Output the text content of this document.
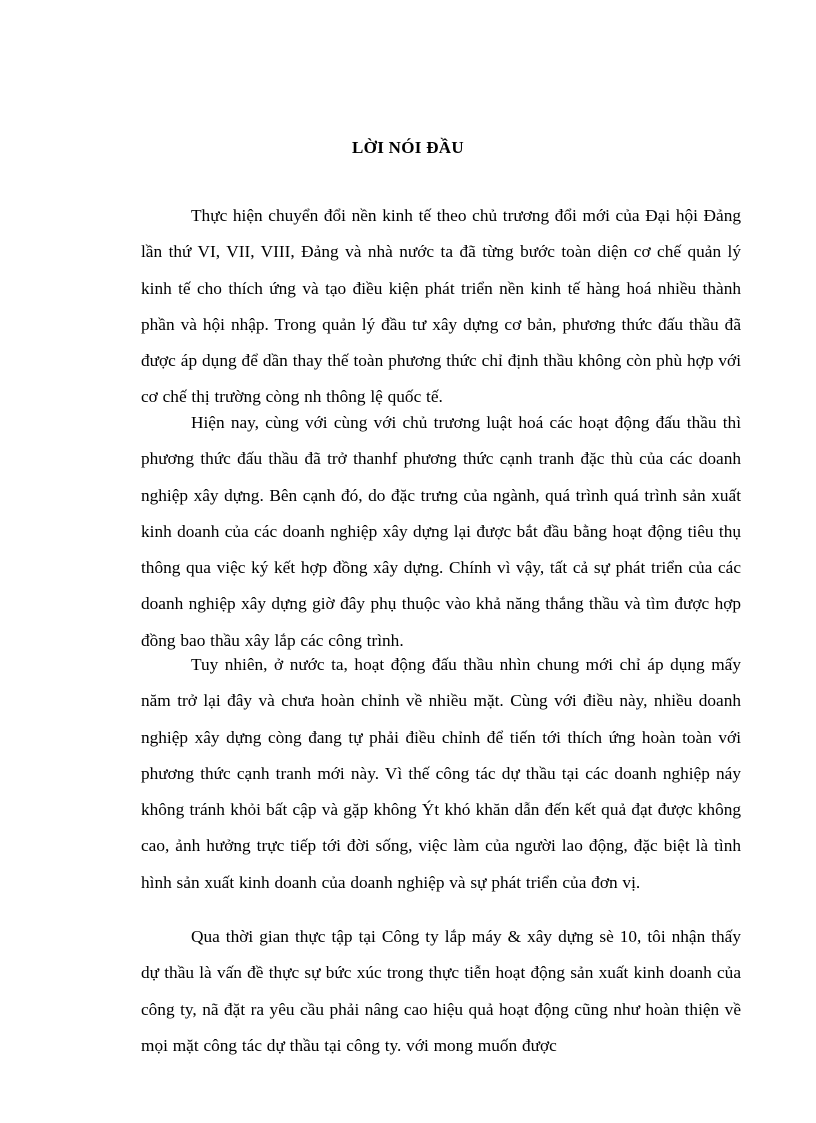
LỜI NÓI ĐẦU

Thực hiện chuyển đổi nền kinh tế theo chủ trương đổi mới của Đại hội Đảng lần thứ VI, VII, VIII, Đảng và nhà nước ta đã từng bước toàn diện cơ chế quản lý kinh tế cho thích ứng và tạo điều kiện phát triển nền kinh tế hàng hoá nhiều thành phần và hội nhập. Trong quản lý đầu tư xây dựng cơ bản, phương thức đấu thầu đã được áp dụng để dần thay thế toàn phương thức chỉ định thầu không còn phù hợp với cơ chế thị trường còng nh thông lệ quốc tế.

Hiện nay, cùng với cùng với chủ trương luật hoá các hoạt động đấu thầu thì phương thức đấu thầu đã trở thanhf phương thức cạnh tranh đặc thù của các doanh nghiệp xây dựng. Bên cạnh đó, do đặc trưng của ngành, quá trình quá trình sản xuất kinh doanh của các doanh nghiệp xây dựng lại được bắt đầu bằng hoạt động tiêu thụ thông qua việc ký kết hợp đồng xây dựng. Chính vì vậy, tất cả sự phát triển của các doanh nghiệp xây dựng giờ đây phụ thuộc vào khả năng thắng thầu và tìm được hợp đồng bao thầu xây lắp các công trình.

Tuy nhiên, ở nước ta, hoạt động đấu thầu nhìn chung mới chỉ áp dụng mấy năm trở lại đây và chưa hoàn chỉnh về nhiều mặt. Cùng với điều này, nhiều doanh nghiệp xây dựng còng đang tự phải điều chỉnh để tiến tới thích ứng hoàn toàn với phương thức cạnh tranh mới này. Vì thế công tác dự thầu tại các doanh nghiệp náy không tránh khỏi bất cập và gặp không Ýt khó khăn dẫn đến kết quả đạt được không cao, ảnh hưởng trực tiếp tới đời sống, việc làm của người lao động, đặc biệt là tình hình sản xuất kinh doanh của doanh nghiệp và sự phát triển của đơn vị.

Qua thời gian thực tập tại Công ty lắp máy & xây dựng sè 10, tôi nhận thấy dự thầu là vấn đề thực sự bức xúc trong thực tiễn hoạt động sản xuất kinh doanh của công ty, nã đặt ra yêu cầu phải nâng cao hiệu quả hoạt động cũng như hoàn thiện về mọi mặt công tác dự thầu tại công ty. với mong muốn được
